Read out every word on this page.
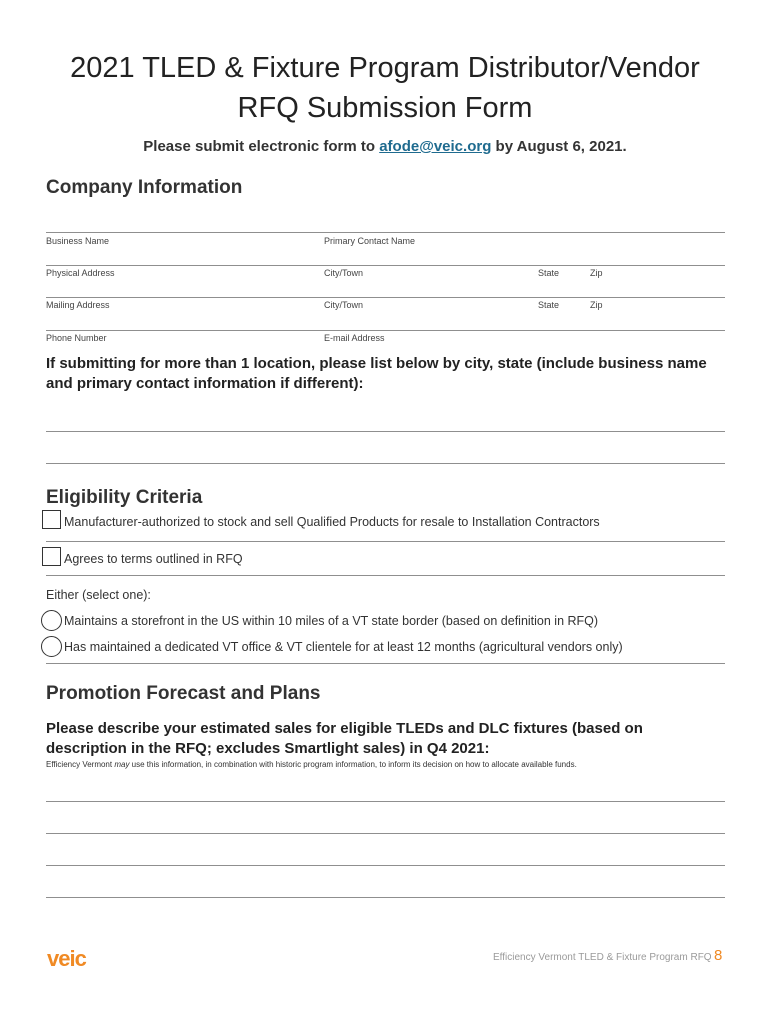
2021 TLED & Fixture Program Distributor/Vendor
RFQ Submission Form
Please submit electronic form to afode@veic.org by August 6, 2021.
Company Information
Business Name	Primary Contact Name
Physical Address	City/Town	State	Zip
Mailing Address	City/Town	State	Zip
Phone Number	E-mail Address
If submitting for more than 1 location, please list below by city, state (include business name and primary contact information if different):
Eligibility Criteria
Manufacturer-authorized to stock and sell Qualified Products for resale to Installation Contractors
Agrees to terms outlined in RFQ
Either (select one):
Maintains a storefront in the US within 10 miles of a VT state border (based on definition in RFQ)
Has maintained a dedicated VT office & VT clientele for at least 12 months (agricultural vendors only)
Promotion Forecast and Plans
Please describe your estimated sales for eligible TLEDs and DLC fixtures (based on description in the RFQ; excludes Smartlight sales) in Q4 2021:
Efficiency Vermont may use this information, in combination with historic program information, to inform its decision on how to allocate available funds.
veic	Efficiency Vermont TLED & Fixture Program RFQ 8
